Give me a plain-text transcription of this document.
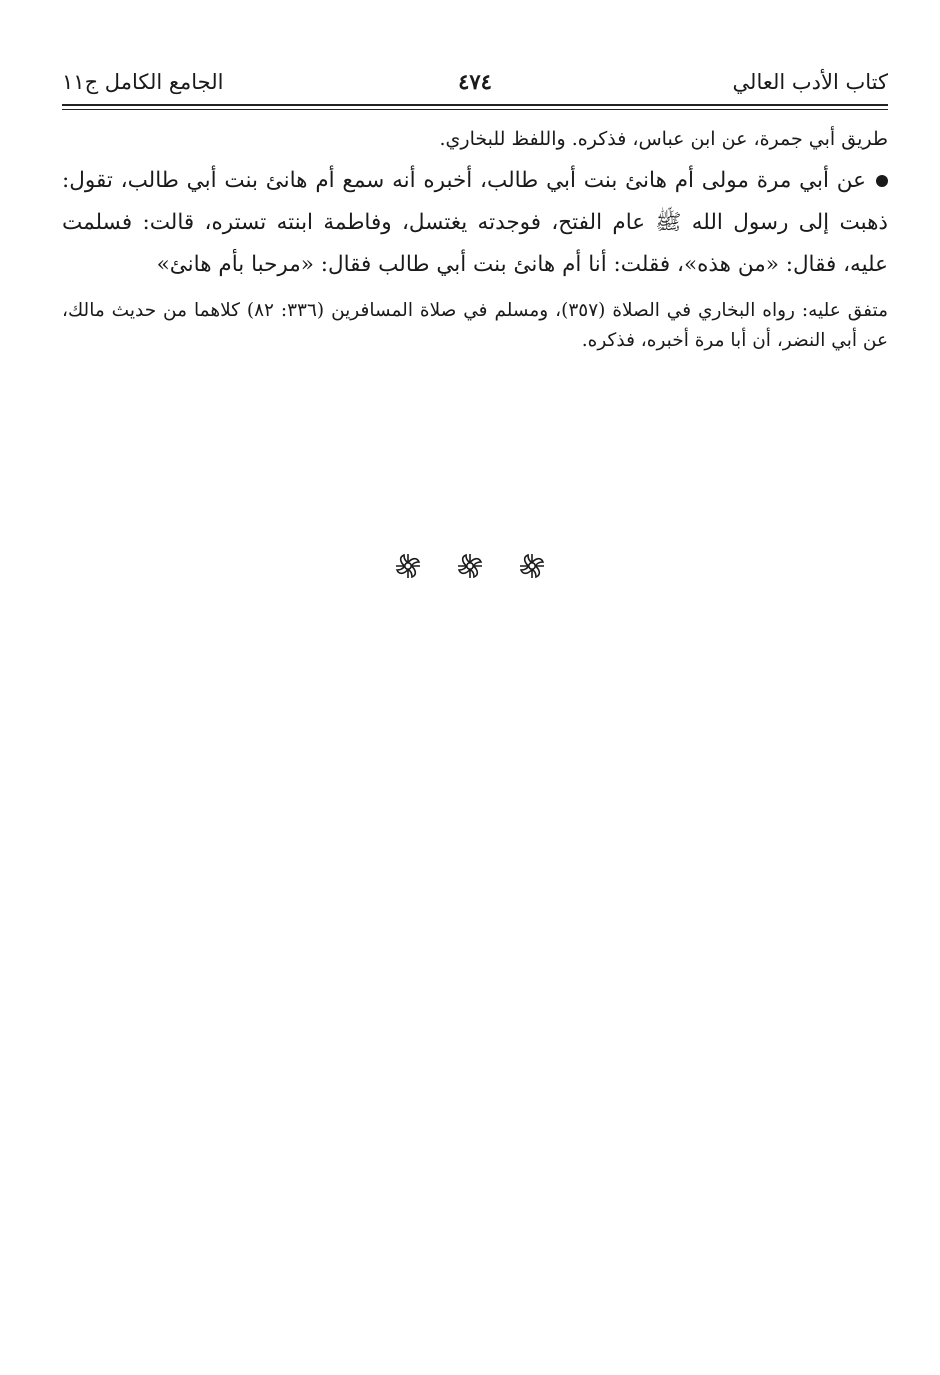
كتاب الأدب العالي
٤٧٤
الجامع الكامل ج١١

طريق أبي جمرة، عن ابن عباس، فذكره. واللفظ للبخاري.

عن أبي مرة مولى أم هانئ بنت أبي طالب، أخبره أنه سمع أم هانئ بنت أبي طالب، تقول: ذهبت إلى رسول الله ﷺ عام الفتح، فوجدته يغتسل، وفاطمة ابنته تستره، قالت: فسلمت عليه، فقال: «من هذه»، فقلت: أنا أم هانئ بنت أبي طالب فقال: «مرحبا بأم هانئ»

متفق عليه: رواه البخاري في الصلاة (٣٥٧)، ومسلم في صلاة المسافرين (٣٣٦: ٨٢) كلاهما من حديث مالك، عن أبي النضر، أن أبا مرة أخبره، فذكره.
